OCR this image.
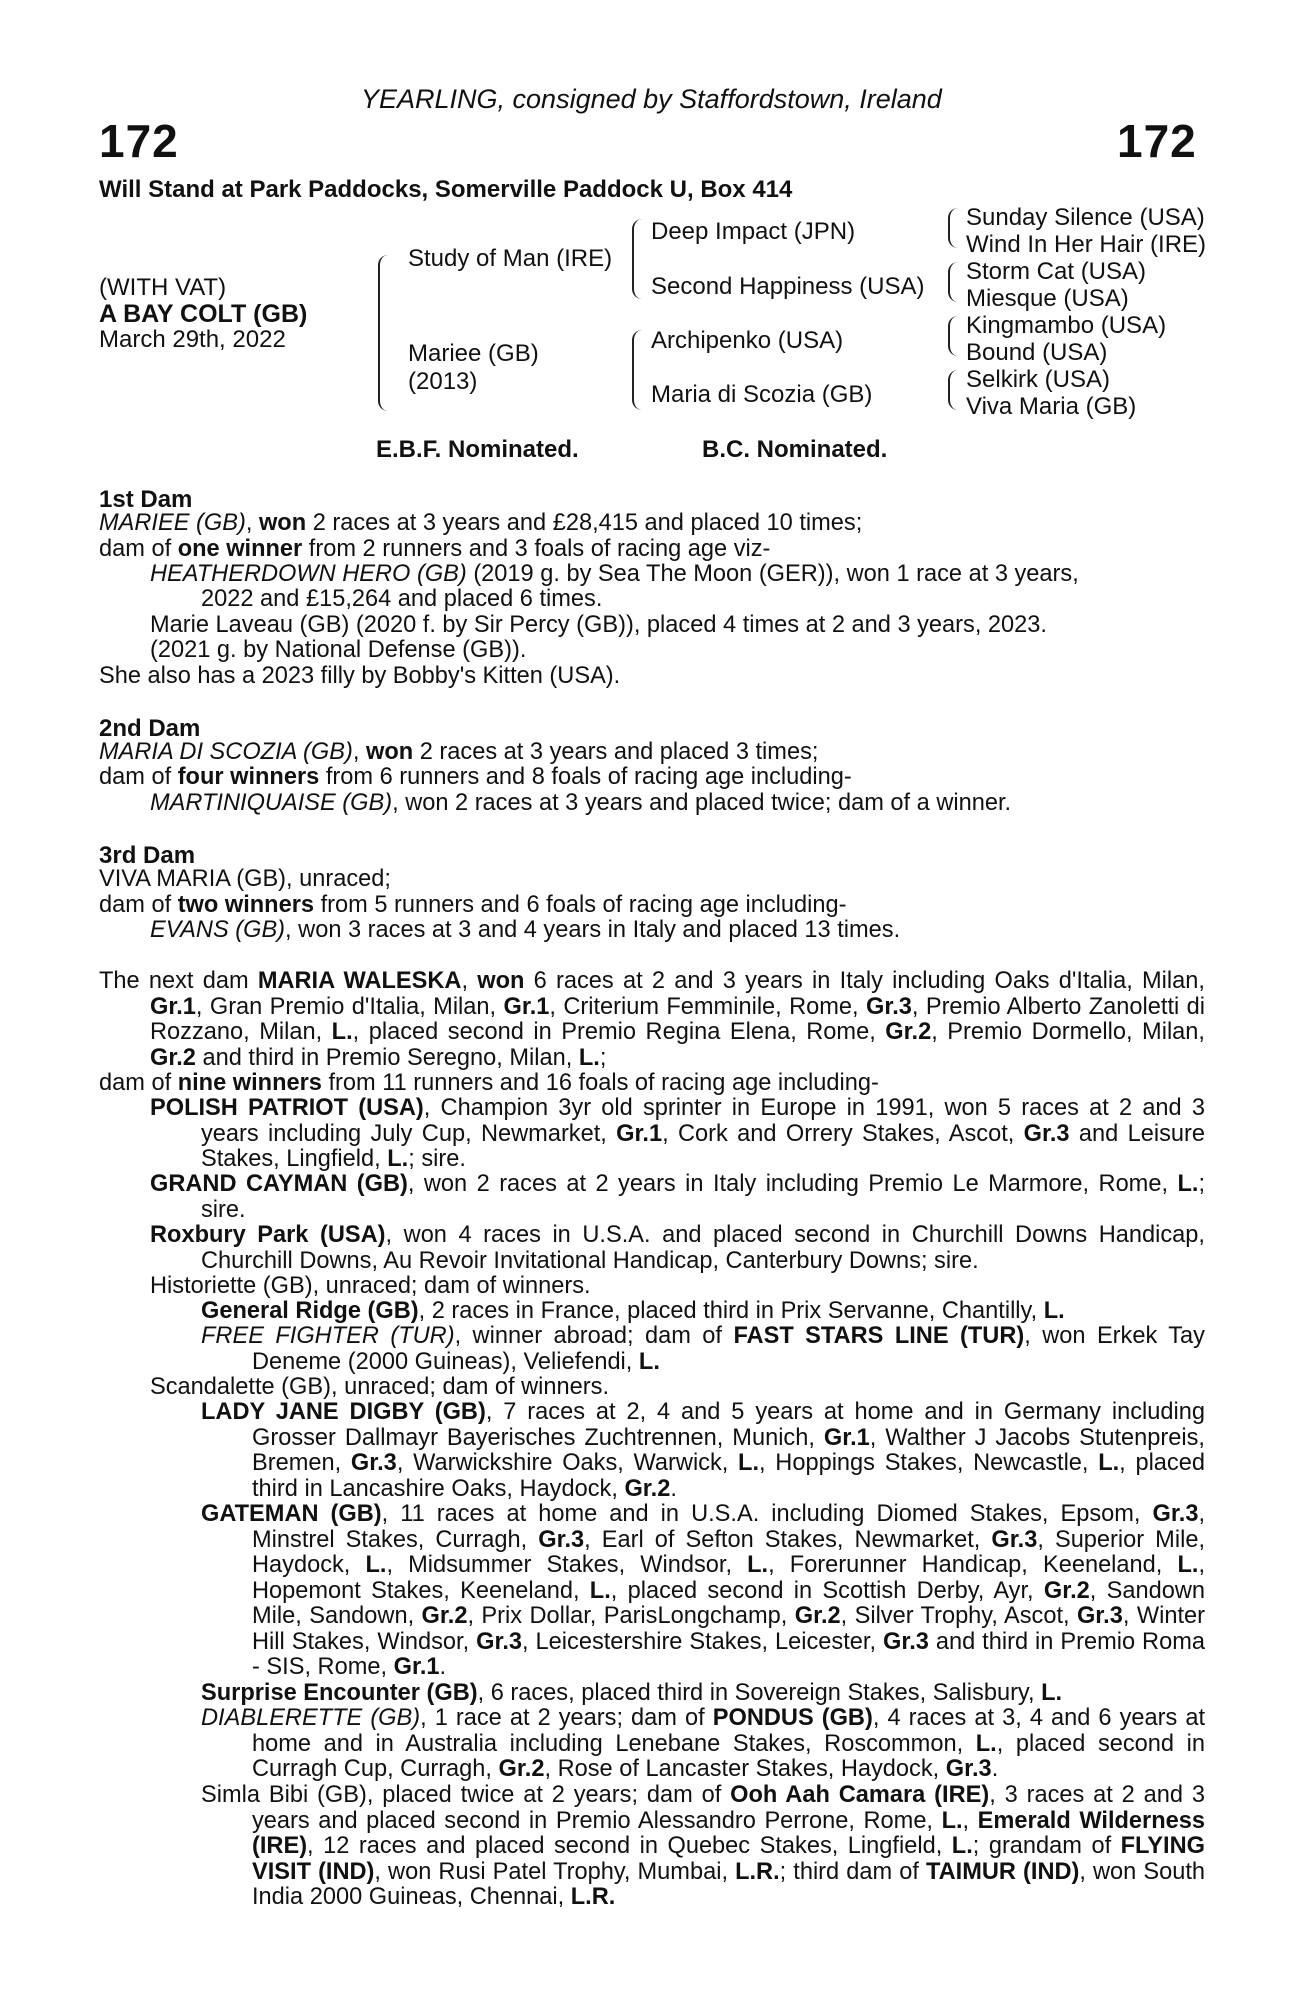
YEARLING, consigned by Staffordstown, Ireland
172	172
Will Stand at Park Paddocks, Somerville Paddock U, Box 414
(WITH VAT)
A BAY COLT (GB)
March 29th, 2022
Study of Man (IRE)
Mariee (GB)
(2013)
Deep Impact (JPN)
Second Happiness (USA)
Archipenko (USA)
Maria di Scozia (GB)
Sunday Silence (USA)
Wind In Her Hair (IRE)
Storm Cat (USA)
Miesque (USA)
Kingmambo (USA)
Bound (USA)
Selkirk (USA)
Viva Maria (GB)
E.B.F. Nominated.	B.C. Nominated.
1st Dam
MARIEE (GB), won 2 races at 3 years and £28,415 and placed 10 times;
dam of one winner from 2 runners and 3 foals of racing age viz-
HEATHERDOWN HERO (GB) (2019 g. by Sea The Moon (GER)), won 1 race at 3 years,
2022 and £15,264 and placed 6 times.
Marie Laveau (GB) (2020 f. by Sir Percy (GB)), placed 4 times at 2 and 3 years, 2023.
(2021 g. by National Defense (GB)).
She also has a 2023 filly by Bobby's Kitten (USA).
2nd Dam
MARIA DI SCOZIA (GB), won 2 races at 3 years and placed 3 times;
dam of four winners from 6 runners and 8 foals of racing age including-
MARTINIQUAISE (GB), won 2 races at 3 years and placed twice; dam of a winner.
3rd Dam
VIVA MARIA (GB), unraced;
dam of two winners from 5 runners and 6 foals of racing age including-
EVANS (GB), won 3 races at 3 and 4 years in Italy and placed 13 times.
The next dam MARIA WALESKA, won 6 races at 2 and 3 years in Italy including Oaks d'Italia, Milan, Gr.1, Gran Premio d'Italia, Milan, Gr.1, Criterium Femminile, Rome, Gr.3, Premio Alberto Zanoletti di Rozzano, Milan, L., placed second in Premio Regina Elena, Rome, Gr.2, Premio Dormello, Milan, Gr.2 and third in Premio Seregno, Milan, L.;
dam of nine winners from 11 runners and 16 foals of racing age including-
POLISH PATRIOT (USA), Champion 3yr old sprinter in Europe in 1991, won 5 races at 2 and 3 years including July Cup, Newmarket, Gr.1, Cork and Orrery Stakes, Ascot, Gr.3 and Leisure Stakes, Lingfield, L.; sire.
GRAND CAYMAN (GB), won 2 races at 2 years in Italy including Premio Le Marmore, Rome, L.; sire.
Roxbury Park (USA), won 4 races in U.S.A. and placed second in Churchill Downs Handicap, Churchill Downs, Au Revoir Invitational Handicap, Canterbury Downs; sire.
Historiette (GB), unraced; dam of winners.
General Ridge (GB), 2 races in France, placed third in Prix Servanne, Chantilly, L.
FREE FIGHTER (TUR), winner abroad; dam of FAST STARS LINE (TUR), won Erkek Tay Deneme (2000 Guineas), Veliefendi, L.
Scandalette (GB), unraced; dam of winners.
LADY JANE DIGBY (GB), 7 races at 2, 4 and 5 years at home and in Germany including Grosser Dallmayr Bayerisches Zuchtrennen, Munich, Gr.1, Walther J Jacobs Stutenpreis, Bremen, Gr.3, Warwickshire Oaks, Warwick, L., Hoppings Stakes, Newcastle, L., placed third in Lancashire Oaks, Haydock, Gr.2.
GATEMAN (GB), 11 races at home and in U.S.A. including Diomed Stakes, Epsom, Gr.3, Minstrel Stakes, Curragh, Gr.3, Earl of Sefton Stakes, Newmarket, Gr.3, Superior Mile, Haydock, L., Midsummer Stakes, Windsor, L., Forerunner Handicap, Keeneland, L., Hopemont Stakes, Keeneland, L., placed second in Scottish Derby, Ayr, Gr.2, Sandown Mile, Sandown, Gr.2, Prix Dollar, ParisLongchamp, Gr.2, Silver Trophy, Ascot, Gr.3, Winter Hill Stakes, Windsor, Gr.3, Leicestershire Stakes, Leicester, Gr.3 and third in Premio Roma - SIS, Rome, Gr.1.
Surprise Encounter (GB), 6 races, placed third in Sovereign Stakes, Salisbury, L.
DIABLERETTE (GB), 1 race at 2 years; dam of PONDUS (GB), 4 races at 3, 4 and 6 years at home and in Australia including Lenebane Stakes, Roscommon, L., placed second in Curragh Cup, Curragh, Gr.2, Rose of Lancaster Stakes, Haydock, Gr.3.
Simla Bibi (GB), placed twice at 2 years; dam of Ooh Aah Camara (IRE), 3 races at 2 and 3 years and placed second in Premio Alessandro Perrone, Rome, L., Emerald Wilderness (IRE), 12 races and placed second in Quebec Stakes, Lingfield, L.; grandam of FLYING VISIT (IND), won Rusi Patel Trophy, Mumbai, L.R.; third dam of TAIMUR (IND), won South India 2000 Guineas, Chennai, L.R.
